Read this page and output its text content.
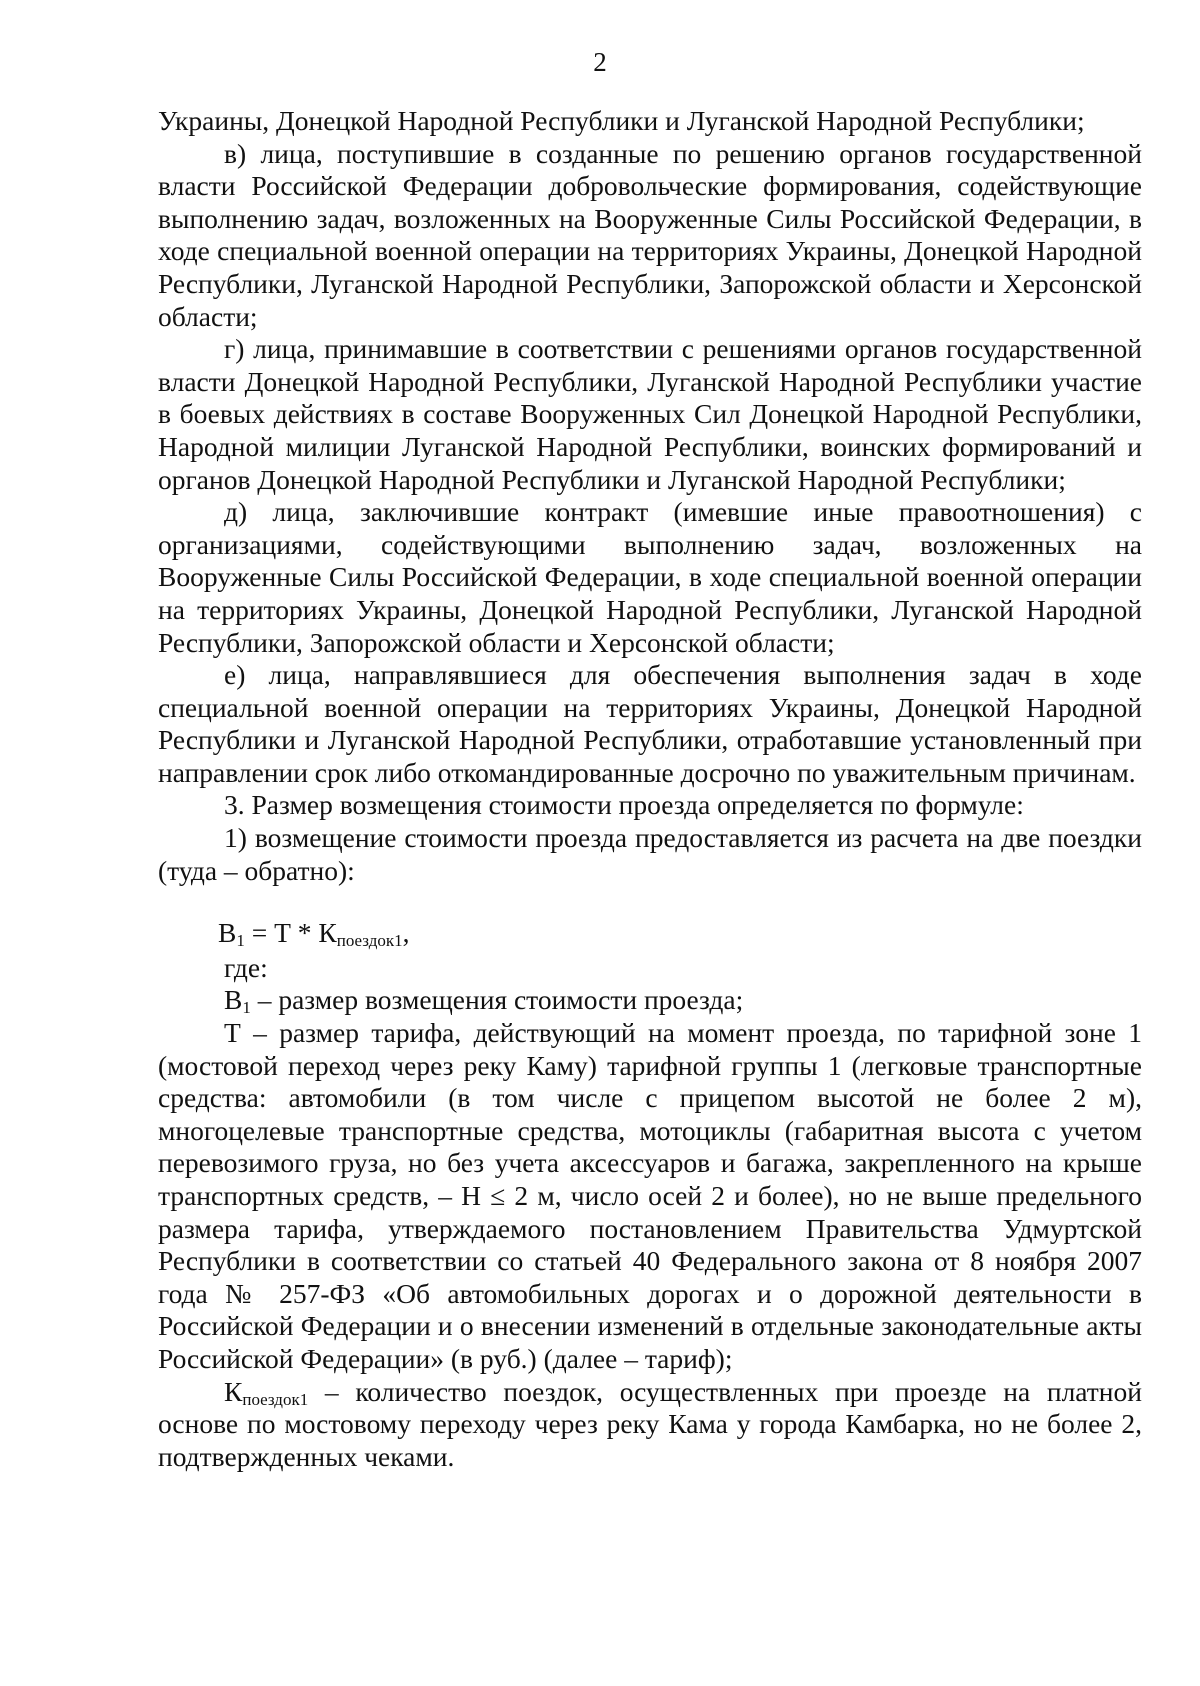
2

Украины, Донецкой Народной Республики и Луганской Народной Республики;

в) лица, поступившие в созданные по решению органов государственной власти Российской Федерации добровольческие формирования, содействующие выполнению задач, возложенных на Вооруженные Силы Российской Федерации, в ходе специальной военной операции на территориях Украины, Донецкой Народной Республики, Луганской Народной Республики, Запорожской области и Херсонской области;

г) лица, принимавшие в соответствии с решениями органов государственной власти Донецкой Народной Республики, Луганской Народной Республики участие в боевых действиях в составе Вооруженных Сил Донецкой Народной Республики, Народной милиции Луганской Народной Республики, воинских формирований и органов Донецкой Народной Республики и Луганской Народной Республики;

д) лица, заключившие контракт (имевшие иные правоотношения) с организациями, содействующими выполнению задач, возложенных на Вооруженные Силы Российской Федерации, в ходе специальной военной операции на территориях Украины, Донецкой Народной Республики, Луганской Народной Республики, Запорожской области и Херсонской области;

е) лица, направлявшиеся для обеспечения выполнения задач в ходе специальной военной операции на территориях Украины, Донецкой Народной Республики и Луганской Народной Республики, отработавшие установленный при направлении срок либо откомандированные досрочно по уважительным причинам.

3. Размер возмещения стоимости проезда определяется по формуле:

1) возмещение стоимости проезда предоставляется из расчета на две поездки (туда – обратно):

$B_1 = Т * К_{поездок1}$,

где:

$B_1$ – размер возмещения стоимости проезда;

Т – размер тарифа, действующий на момент проезда, по тарифной зоне 1 (мостовой переход через реку Каму) тарифной группы 1 (легковые транспортные средства: автомобили (в том числе с прицепом высотой не более 2 м), многоцелевые транспортные средства, мотоциклы (габаритная высота с учетом перевозимого груза, но без учета аксессуаров и багажа, закрепленного на крыше транспортных средств, – Н ≤ 2 м, число осей 2 и более), но не выше предельного размера тарифа, утверждаемого постановлением Правительства Удмуртской Республики в соответствии со статьей 40 Федерального закона от 8 ноября 2007 года № 257-ФЗ «Об автомобильных дорогах и о дорожной деятельности в Российской Федерации и о внесении изменений в отдельные законодательные акты Российской Федерации» (в руб.) (далее – тариф);

$К_{поездок1}$ – количество поездок, осуществленных при проезде на платной основе по мостовому переходу через реку Кама у города Камбарка, но не более 2, подтвержденных чеками.
